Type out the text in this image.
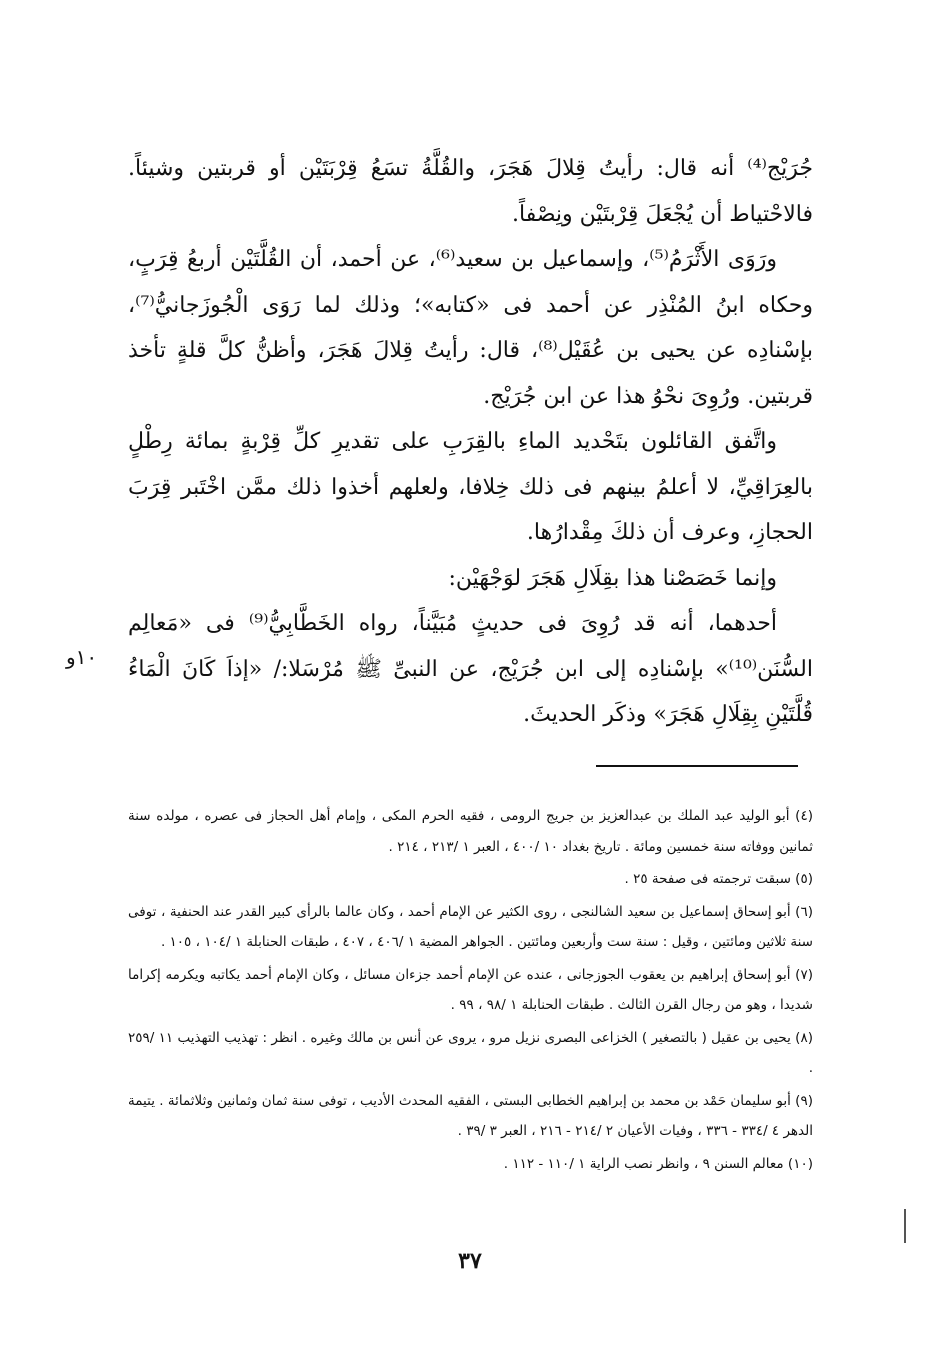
جُرَيْج⁽⁴⁾ أنه قال: رأيتُ قِلالَ هَجَرَ، والقُلَّةُ تسَعُ قِرْبَتَيْن أو قربتين وشيئاً. فالاحْتياط أن يُجْعَلَ قِرْبتَيْن ونِصْفاً.

ورَوَى الأَثْرَمُ⁽⁵⁾، وإسماعيل بن سعيد⁽⁶⁾، عن أحمد، أن القُلَّتَيْن أربعُ قِرَبٍ، وحكاه ابنُ المُنْذِر عن أحمد فى «كتابه»؛ وذلك لما رَوَى الْجُوزَجانيُّ⁽⁷⁾، بإسْنادِه عن يحيى بن عُقَيْل⁽⁸⁾، قال: رأيتُ قِلالَ هَجَرَ، وأظنُّ كلَّ قلةٍ تأخذ قربتين. ورُوِىَ نحْوُ هذا عن ابن جُرَيْج.

واتَّفق القائلون بتَحْديد الماءِ بالقِرَبِ على تقديرِ كلِّ قِرْبةٍ بمائة رِطْلٍ بالعِرَاقِيِّ، لا أعلمُ بينهم فى ذلك خِلافا، ولعلهم أخذوا ذلك ممَّن اخْتَبر قِرَبَ الحجازِ، وعرف أن ذلكَ مِقْدارُها.

وإنما خَصَصْنا هذا بقِلَالِ هَجَرَ لوَجْهَيْن:

أحدهما، أنه قد رُوِىَ فى حديثٍ مُبَيَّناً، رواه الخَطَّابِيُّ⁽⁹⁾ فى «مَعالِم السُّنَن⁽¹⁰⁾» بإسْنادِه إلى ابن جُرَيْج، عن النبىِّ ﷺ مُرْسَلا:/ «إذاَ كَانَ الْمَاءُ قُلَّتَيْنِ بِقِلَالِ هَجَرَ» وذكَر الحديثَ.

١٠و

(٤) أبو الوليد عبد الملك بن عبدالعزيز بن جريج الرومى ، فقيه الحرم المكى ، وإمام أهل الحجاز فى عصره ، مولده سنة ثمانين ووفاته سنة خمسين ومائة . تاريخ بغداد ١٠ /٤٠٠ ، العبر ١ /٢١٣ ، ٢١٤ .

(٥) سبقت ترجمته فى صفحة ٢٥ .

(٦) أبو إسحاق إسماعيل بن سعيد الشالنجى ، روى الكثير عن الإمام أحمد ، وكان عالما بالرأى كبير القدر عند الحنفية ، توفى سنة ثلاثين ومائتين ، وقيل : سنة ست وأربعين ومائتين . الجواهر المضية ١ /٤٠٦ ، ٤٠٧ ، طبقات الحنابلة ١ /١٠٤ ، ١٠٥ .

(٧) أبو إسحاق إبراهيم بن يعقوب الجوزجانى ، عنده عن الإمام أحمد جزءان مسائل ، وكان الإمام أحمد يكاتبه ويكرمه إكراما شديدا ، وهو من رجال القرن الثالث . طبقات الحنابلة ١ /٩٨ ، ٩٩ .

(٨) يحيى بن عقيل ( بالتصغير ) الخزاعى البصرى نزيل مرو ، يروى عن أنس بن مالك وغيره . انظر : تهذيب التهذيب ١١ /٢٥٩ .

(٩) أبو سليمان حَمْد بن محمد بن إبراهيم الخطابى البستى ، الفقيه المحدث الأديب ، توفى سنة ثمان وثمانين وثلاثمائة . يتيمة الدهر ٤ /٣٣٤ - ٣٣٦ ، وفيات الأعيان ٢ /٢١٤ - ٢١٦ ، العبر ٣ /٣٩ .

(١٠) معالم السنن ٩ ، وانظر نصب الراية ١ /١١٠ - ١١٢ .

٣٧
